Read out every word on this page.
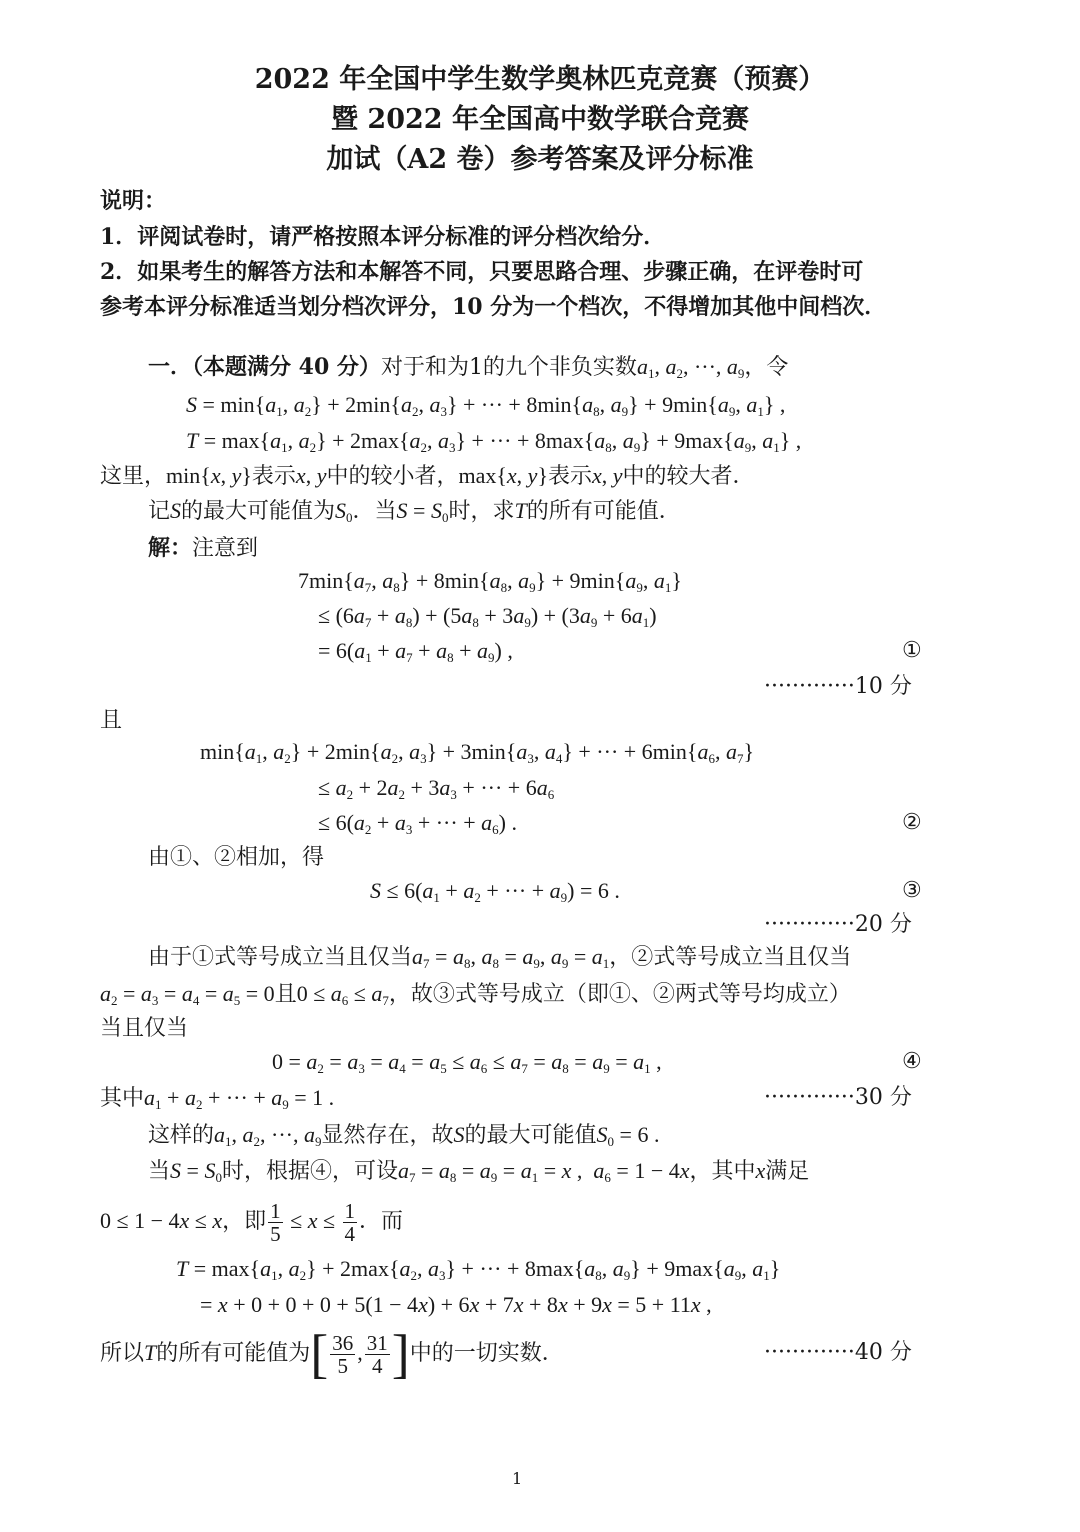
2022 年全国中学生数学奥林匹克竞赛（预赛）
暨 2022 年全国高中数学联合竞赛
加试（A2 卷）参考答案及评分标准
说明：
1．评阅试卷时，请严格按照本评分标准的评分档次给分．
2．如果考生的解答方法和本解答不同，只要思路合理、步骤正确，在评卷时可
参考本评分标准适当划分档次评分，10 分为一个档次，不得增加其他中间档次．
一．（本题满分 40 分）对于和为1的九个非负实数$a_1$, $a_2$, ···, $a_9$，令
$S = \min\{a_1$, $a_2\} + 2\min\{a_2$, $a_3$} + ··· + $8\min\{a_8$, $a_9\} + 9\min\{a_9$, $a_1$} ,
$T = \max\{a_1$, $a_2\} + 2\max\{a_2$, $a_3$} + ··· + $8\max\{a_8$, $a_9\} + 9\max\{a_9$, $a_1$} ,
这里，min{x, y}表示x, y中的较小者，max{x, y}表示x, y中的较大者．
记S的最大可能值为$S_0$．当$S = S_0$时，求T的所有可能值．
解：注意到
$7\min\{a_7$, $a_8\} + 8\min\{a_8$, $a_9\} + 9\min\{a_9$, $a_1$}
≤ $(6a_7 + a_8) + (5a_8 + 3a_9) + (3a_9 + 6a_1)$
= $6(a_1 + a_7 + a_8 + a_9)$ ,	①
·············10 分
且
$\min\{a_1$, $a_2\} + 2\min\{a_2$, $a_3\} + 3\min\{a_3$, $a_4$} + ··· + $6\min\{a_6$, $a_7$}
≤ $a_2 + 2a_2 + 3a_3$ + ··· + $6a_6$
≤ $6(a_2 + a_3$ + ··· + $a_6$) .	②
由①、②相加，得
$S \le 6(a_1 + a_2$ + ··· + $a_9) = 6$ .	③
·············20 分
由于①式等号成立当且仅当$a_7 = a_8$, $a_8 = a_9$, $a_9 = a_1$，②式等号成立当且仅当
$a_2 = a_3 = a_4 = a_5 = 0$且$0 \le a_6 \le a_7$，故③式等号成立（即①、②两式等号均成立）
当且仅当
$0 = a_2 = a_3 = a_4 = a_5 \le a_6 \le a_7 = a_8 = a_9 = a_1$ ,	④
其中$a_1 + a_2$ + ··· + $a_9 = 1$ .	·············30 分
这样的$a_1$, $a_2$, ···, $a_9$显然存在，故S的最大可能值$S_0 = 6$ .
当$S = S_0$时，根据④，可设$a_7 = a_8 = a_9 = a_1 = x$ ,  $a_6 = 1 - 4x$，其中x满足
0 ≤ 1 − 4x ≤ x，即 $\frac{1}{5} \le x \le \frac{1}{4}$ ．而
$T = \max\{a_1$, $a_2\} + 2\max\{a_2$, $a_3$} + ··· + $8\max\{a_8$, $a_9\} + 9\max\{a_9$, $a_1$}
= x + 0 + 0 + 0 + 5(1 − 4x) + 6x + 7x + 8x + 9x = 5 + 11x ,
所以T的所有可能值为[ $\frac{36}{5}$ , $\frac{31}{4}$ ]中的一切实数．	·············40 分
1
